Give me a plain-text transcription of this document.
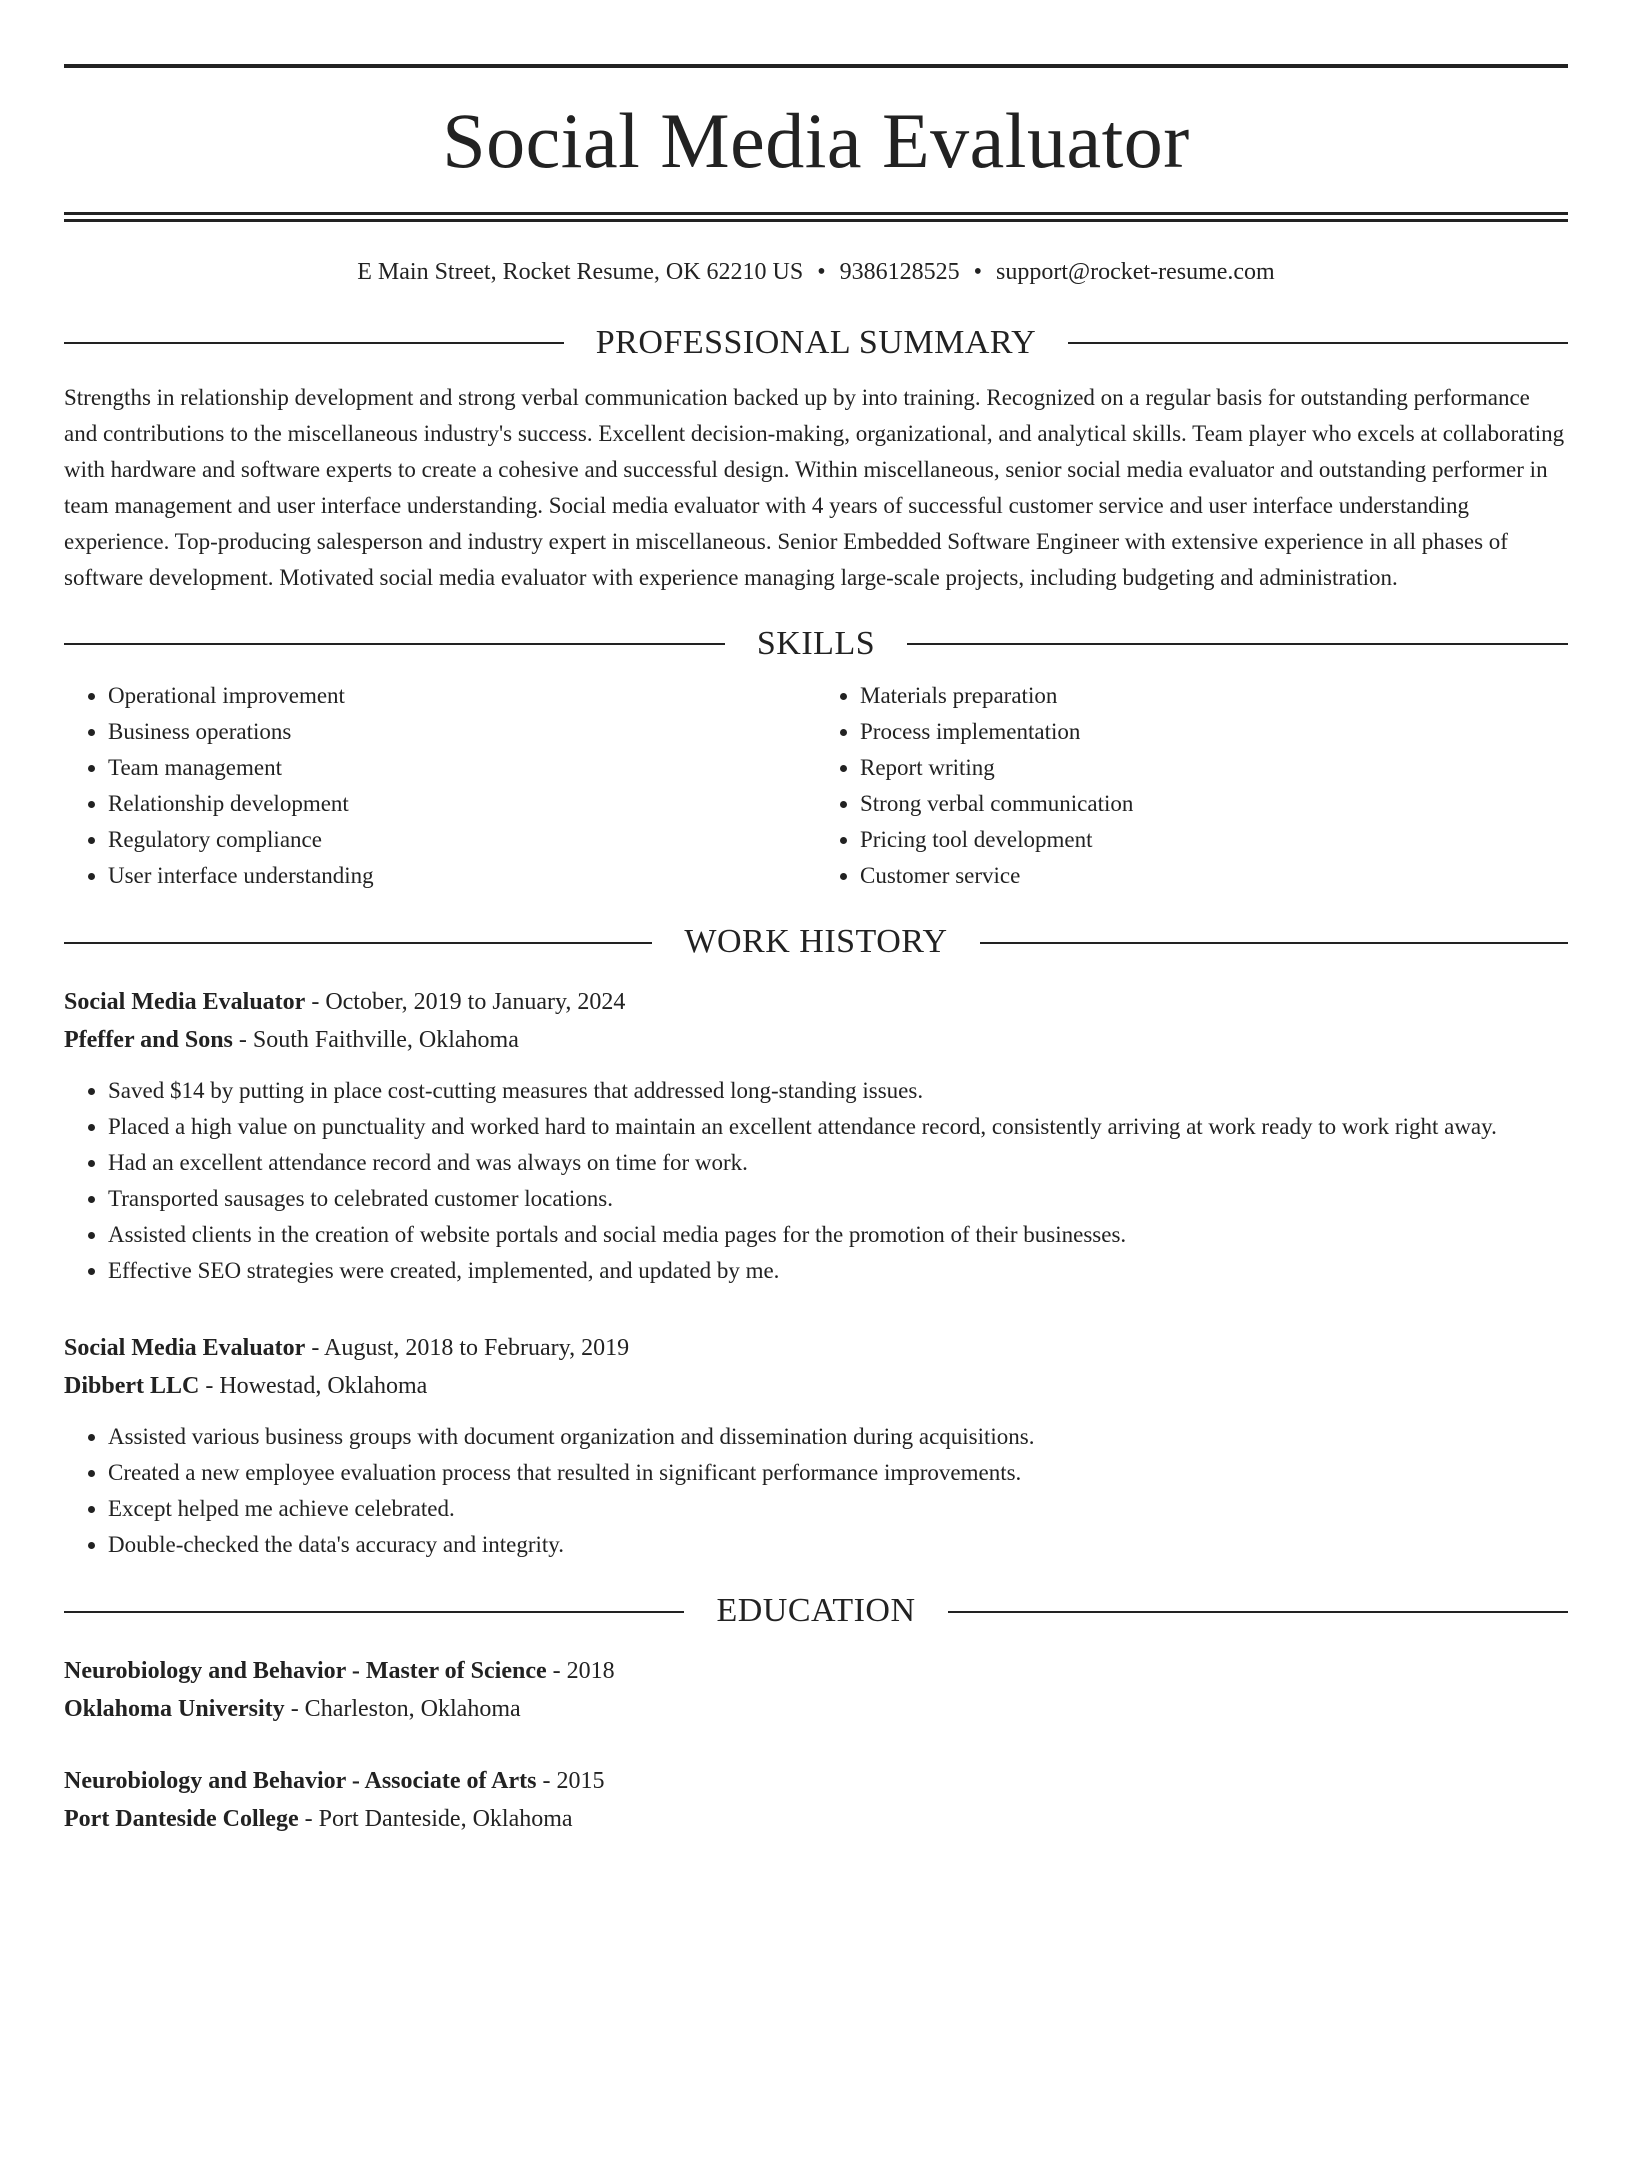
Social Media Evaluator
E Main Street, Rocket Resume, OK 62210 US • 9386128525 • support@rocket-resume.com
PROFESSIONAL SUMMARY
Strengths in relationship development and strong verbal communication backed up by into training. Recognized on a regular basis for outstanding performance and contributions to the miscellaneous industry's success. Excellent decision-making, organizational, and analytical skills. Team player who excels at collaborating with hardware and software experts to create a cohesive and successful design. Within miscellaneous, senior social media evaluator and outstanding performer in team management and user interface understanding. Social media evaluator with 4 years of successful customer service and user interface understanding experience. Top-producing salesperson and industry expert in miscellaneous. Senior Embedded Software Engineer with extensive experience in all phases of software development. Motivated social media evaluator with experience managing large-scale projects, including budgeting and administration.
SKILLS
• Operational improvement
• Business operations
• Team management
• Relationship development
• Regulatory compliance
• User interface understanding
• Materials preparation
• Process implementation
• Report writing
• Strong verbal communication
• Pricing tool development
• Customer service
WORK HISTORY
Social Media Evaluator - October, 2019 to January, 2024
Pfeffer and Sons - South Faithville, Oklahoma
• Saved $14 by putting in place cost-cutting measures that addressed long-standing issues.
• Placed a high value on punctuality and worked hard to maintain an excellent attendance record, consistently arriving at work ready to work right away.
• Had an excellent attendance record and was always on time for work.
• Transported sausages to celebrated customer locations.
• Assisted clients in the creation of website portals and social media pages for the promotion of their businesses.
• Effective SEO strategies were created, implemented, and updated by me.
Social Media Evaluator - August, 2018 to February, 2019
Dibbert LLC - Howestad, Oklahoma
• Assisted various business groups with document organization and dissemination during acquisitions.
• Created a new employee evaluation process that resulted in significant performance improvements.
• Except helped me achieve celebrated.
• Double-checked the data's accuracy and integrity.
EDUCATION
Neurobiology and Behavior - Master of Science - 2018
Oklahoma University - Charleston, Oklahoma
Neurobiology and Behavior - Associate of Arts - 2015
Port Danteside College - Port Danteside, Oklahoma
